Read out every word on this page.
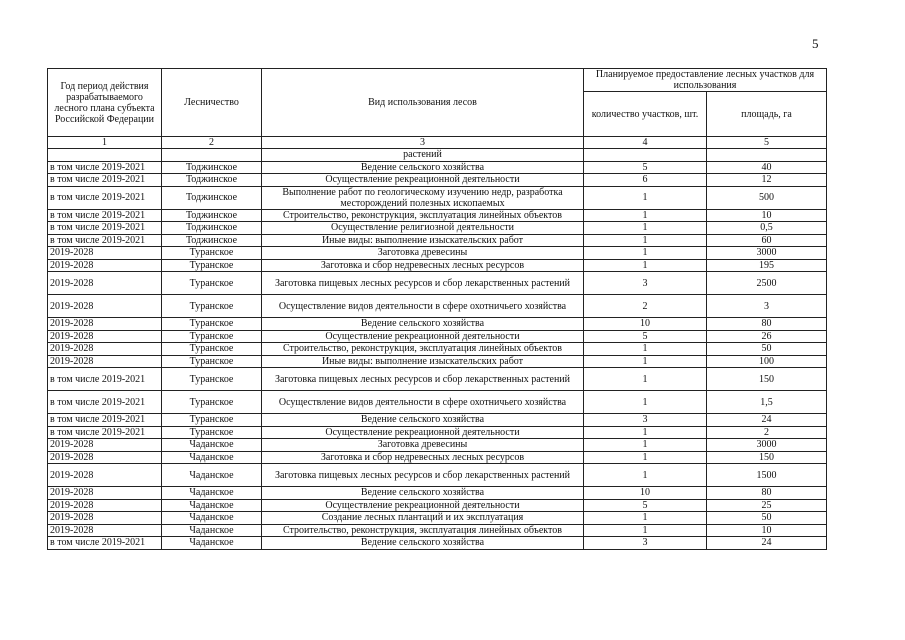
5
Год период действия разрабатываемого лесного плана субъекта Российской Федерации	Лесничество	Вид использования лесов	Планируемое предоставление лесных участков для использования	
			количество участков, шт.	площадь, га
1	2	3	4	5
		растений		
в том числе 2019-2021	Тоджинское	Ведение сельского хозяйства	5	40
в том числе 2019-2021	Тоджинское	Осуществление рекреационной деятельности	6	12
в том числе 2019-2021	Тоджинское	Выполнение работ по геологическому изучению недр, разработка месторождений полезных ископаемых	1	500
в том числе 2019-2021	Тоджинское	Строительство, реконструкция, эксплуатация линейных объектов	1	10
в том числе 2019-2021	Тоджинское	Осуществление религиозной деятельности	1	0,5
в том числе 2019-2021	Тоджинское	Иные виды: выполнение изыскательских работ	1	60
2019-2028	Туранское	Заготовка древесины	1	3000
2019-2028	Туранское	Заготовка и сбор недревесных лесных ресурсов	1	195
2019-2028	Туранское	Заготовка пищевых лесных ресурсов и сбор лекарственных растений	3	2500
2019-2028	Туранское	Осуществление видов деятельности в сфере охотничьего хозяйства	2	3
2019-2028	Туранское	Ведение сельского хозяйства	10	80
2019-2028	Туранское	Осуществление рекреационной деятельности	5	26
2019-2028	Туранское	Строительство, реконструкция, эксплуатация линейных объектов	1	50
2019-2028	Туранское	Иные виды: выполнение изыскательских работ	1	100
в том числе 2019-2021	Туранское	Заготовка пищевых лесных ресурсов и сбор лекарственных растений	1	150
в том числе 2019-2021	Туранское	Осуществление видов деятельности в сфере охотничьего хозяйства	1	1,5
в том числе 2019-2021	Туранское	Ведение сельского хозяйства	3	24
в том числе 2019-2021	Туранское	Осуществление рекреационной деятельности	1	2
2019-2028	Чаданское	Заготовка древесины	1	3000
2019-2028	Чаданское	Заготовка и сбор недревесных лесных ресурсов	1	150
2019-2028	Чаданское	Заготовка пищевых лесных ресурсов и сбор лекарственных растений	1	1500
2019-2028	Чаданское	Ведение сельского хозяйства	10	80
2019-2028	Чаданское	Осуществление рекреационной деятельности	5	25
2019-2028	Чаданское	Создание лесных плантаций и их эксплуатация	1	50
2019-2028	Чаданское	Строительство, реконструкция, эксплуатация линейных объектов	1	10
в том числе 2019-2021	Чаданское	Ведение сельского хозяйства	3	24
